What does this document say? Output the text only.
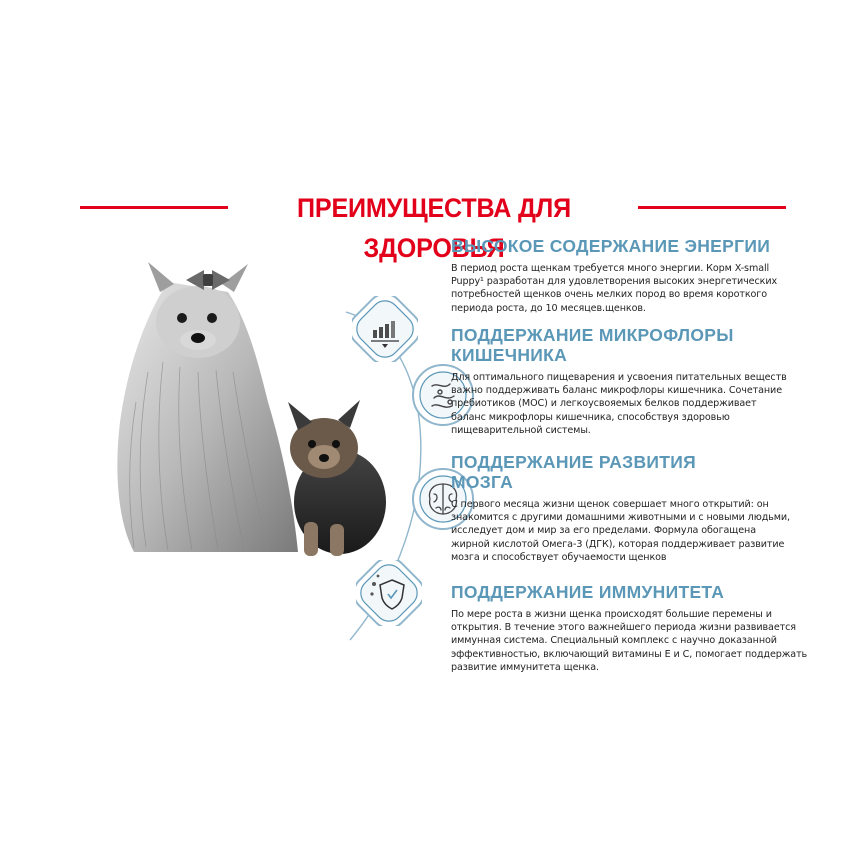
ПРЕИМУЩЕСТВА ДЛЯ ЗДОРОВЬЯ
ВЫСОКОЕ СОДЕРЖАНИЕ ЭНЕРГИИ

В период роста щенкам требуется много энергии. Корм X-small Puppy¹ разработан для удовлетворения высоких энергетических потребностей щенков очень мелких пород во время короткого периода роста, до 10 месяцев.щенков.

ПОДДЕРЖАНИЕ МИКРОФЛОРЫ КИШЕЧНИКА

Для оптимального пищеварения и усвоения питательных веществ важно поддерживать баланс микрофлоры кишечника. Сочетание пребиотиков (МОС) и легкоусвояемых белков поддерживает баланс микрофлоры кишечника, способствуя здоровью пищеварительной системы.

ПОДДЕРЖАНИЕ РАЗВИТИЯ МОЗГА

С первого месяца жизни щенок совершает много открытий: он знакомится с другими домашними животными и с новыми людьми, исследует дом и мир за его пределами. Формула обогащена жирной кислотой Омега-3 (ДГК), которая поддерживает развитие мозга и способствует обучаемости щенков

ПОДДЕРЖАНИЕ ИММУНИТЕТА

По мере роста в жизни щенка происходят большие перемены и открытия. В течение этого важнейшего периода жизни развивается иммунная система. Специальный комплекс с научно доказанной эффективностью, включающий витамины Е и С, помогает поддержать развитие иммунитета щенка.
